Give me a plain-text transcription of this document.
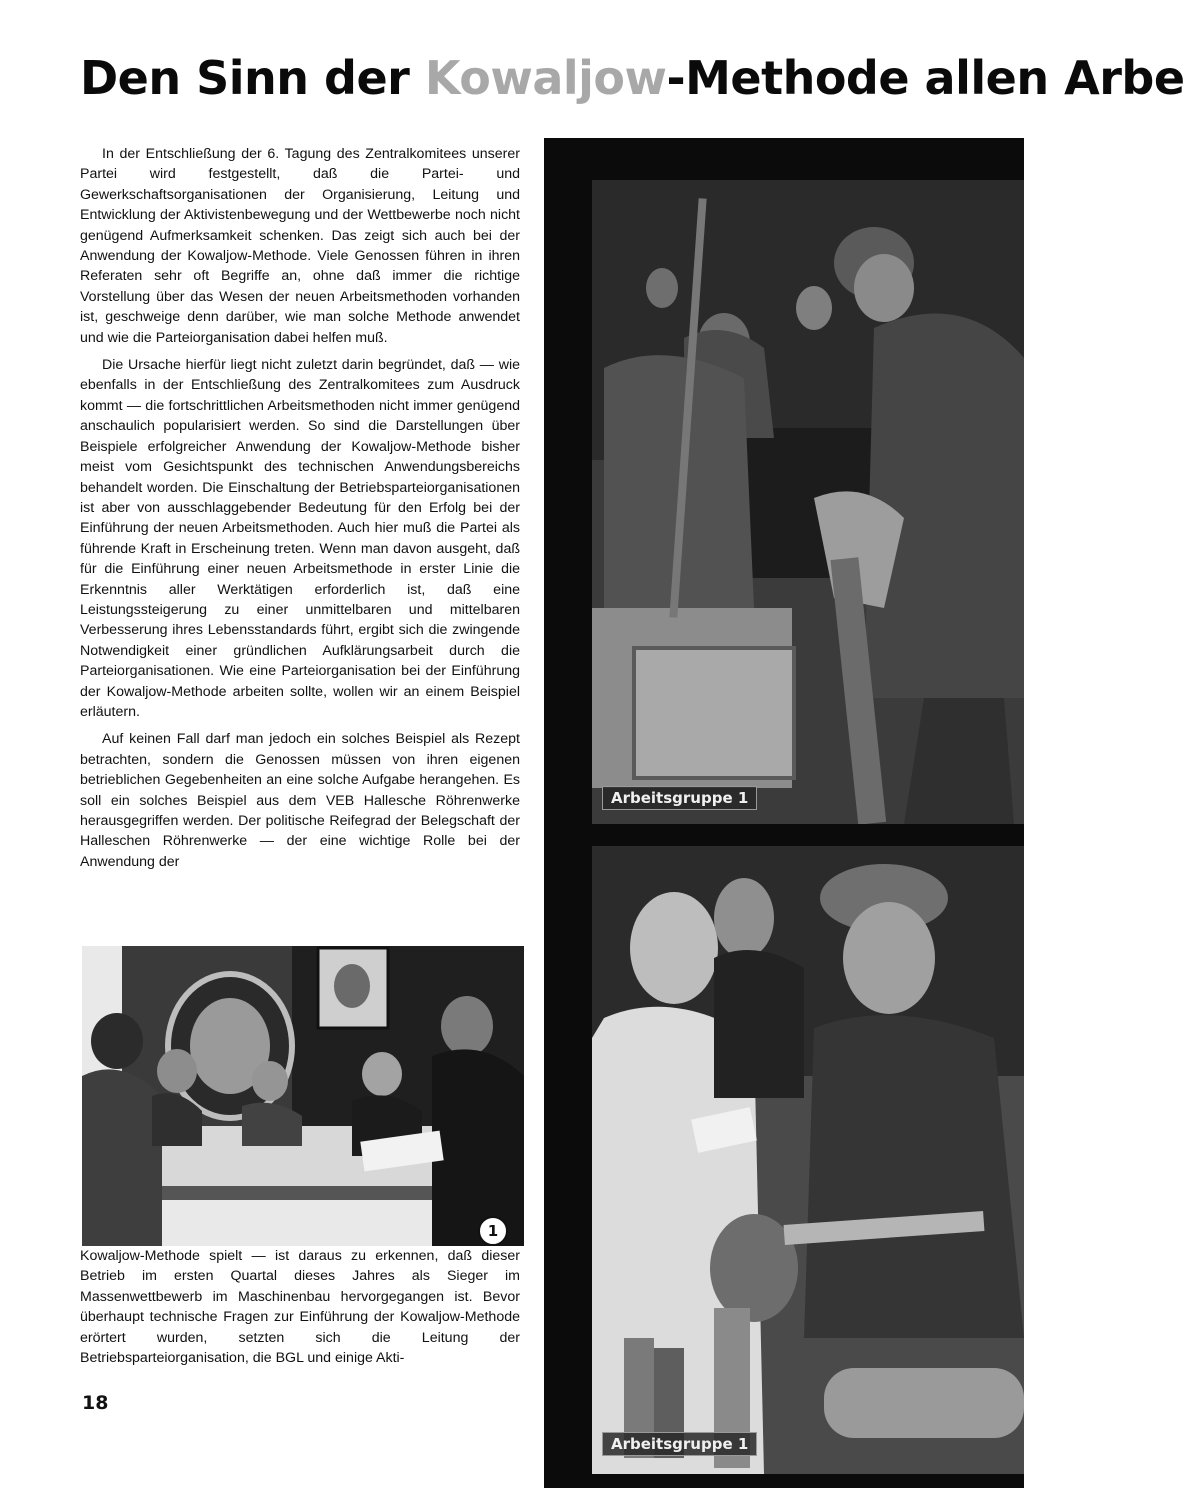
Den Sinn der Kowaljow-Methode allen Arbe

In der Entschließung der 6. Tagung des Zentralkomitees unserer Partei wird festgestellt, daß die Partei- und Gewerkschaftsorganisationen der Organisierung, Leitung und Entwicklung der Aktivistenbewegung und der Wettbewerbe noch nicht genügend Aufmerksamkeit schenken. Das zeigt sich auch bei der Anwendung der Kowaljow-Methode. Viele Genossen führen in ihren Referaten sehr oft Begriffe an, ohne daß immer die richtige Vorstellung über das Wesen der neuen Arbeitsmethoden vorhanden ist, geschweige denn darüber, wie man solche Methode anwendet und wie die Parteiorganisation dabei helfen muß.

Die Ursache hierfür liegt nicht zuletzt darin begründet, daß — wie ebenfalls in der Entschließung des Zentralkomitees zum Ausdruck kommt — die fortschrittlichen Arbeitsmethoden nicht immer genügend anschaulich popularisiert werden. So sind die Darstellungen über Beispiele erfolgreicher Anwendung der Kowaljow-Methode bisher meist vom Gesichtspunkt des technischen Anwendungsbereichs behandelt worden. Die Einschaltung der Betriebsparteiorganisationen ist aber von ausschlaggebender Bedeutung für den Erfolg bei der Einführung der neuen Arbeitsmethoden. Auch hier muß die Partei als führende Kraft in Erscheinung treten. Wenn man davon ausgeht, daß für die Einführung einer neuen Arbeitsmethode in erster Linie die Erkenntnis aller Werktätigen erforderlich ist, daß eine Leistungssteigerung zu einer unmittelbaren und mittelbaren Verbesserung ihres Lebensstandards führt, ergibt sich die zwingende Notwendigkeit einer gründlichen Aufklärungsarbeit durch die Parteiorganisationen. Wie eine Parteiorganisation bei der Einführung der Kowaljow-Methode arbeiten sollte, wollen wir an einem Beispiel erläutern.

Auf keinen Fall darf man jedoch ein solches Beispiel als Rezept betrachten, sondern die Genossen müssen von ihren eigenen betrieblichen Gegebenheiten an eine solche Aufgabe herangehen. Es soll ein solches Beispiel aus dem VEB Hallesche Röhrenwerke herausgegriffen werden. Der politische Reifegrad der Belegschaft der Halleschen Röhrenwerke — der eine wichtige Rolle bei der Anwendung der

1

Kowaljow-Methode spielt — ist daraus zu erkennen, daß dieser Betrieb im ersten Quartal dieses Jahres als Sieger im Massenwettbewerb im Maschinenbau hervorgegangen ist. Bevor überhaupt technische Fragen zur Einführung der Kowaljow-Methode erörtert wurden, setzten sich die Leitung der Betriebsparteiorganisation, die BGL und einige Akti-

18
Arbeitsgruppe 1
Arbeitsgruppe 1
